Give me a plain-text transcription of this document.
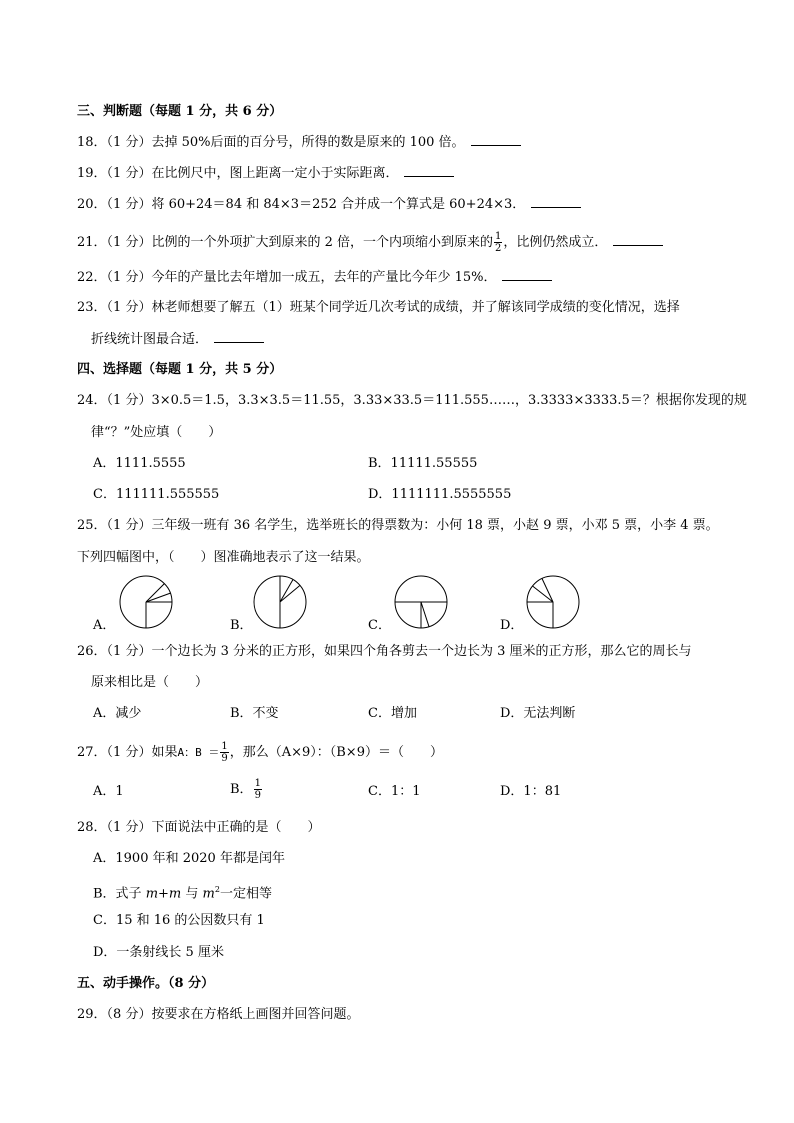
三、判断题（每题 1 分，共 6 分）
18．（1 分）去掉 50%后面的百分号，所得的数是原来的 100 倍。
19．（1 分）在比例尺中，图上距离一定小于实际距离．
20．（1 分）将 60+24＝84 和 84×3＝252 合并成一个算式是 60+24×3．
21．（1 分）比例的一个外项扩大到原来的 2 倍，一个内项缩小到原来的 $\frac{1}{2}$ ，比例仍然成立．
22．（1 分）今年的产量比去年增加一成五，去年的产量比今年少 15%．
23．（1 分）林老师想要了解五（1）班某个同学近几次考试的成绩，并了解该同学成绩的变化情况，选择
折线统计图最合适．
四、选择题（每题 1 分，共 5 分）
24．（1 分）3×0.5＝1.5，3.3×3.5＝11.55，3.33×33.5＝111.555……，3.3333×3333.5＝？根据你发现的规
律“？”处应填（　　）
A．1111.5555	B．11111.55555
C．111111.555555	D．1111111.5555555
25．（1 分）三年级一班有 36 名学生，选举班长的得票数为：小何 18 票，小赵 9 票，小邓 5 票，小李 4 票。
下列四幅图中，（　　）图准确地表示了这一结果。
A．	B．	C．	D．
26．（1 分）一个边长为 3 分米的正方形，如果四个角各剪去一个边长为 3 厘米的正方形，那么它的周长与
原来相比是（　　）
A．减少	B．不变	C．增加	D．无法判断
27．（1 分）如果A：$B = \frac{1}{9}$ ，那么（A×9）：（B×9）＝（　　）
A．1	B． $\frac{1}{9}$	C．1：1	D．1：81
28．（1 分）下面说法中正确的是（　　）
A．1900 年和 2020 年都是闰年
B．式子 m+m 与 $m^2$一定相等
C．15 和 16 的公因数只有 1
D．一条射线长 5 厘米
五、动手操作。（8 分）
29．（8 分）按要求在方格纸上画图并回答问题。
